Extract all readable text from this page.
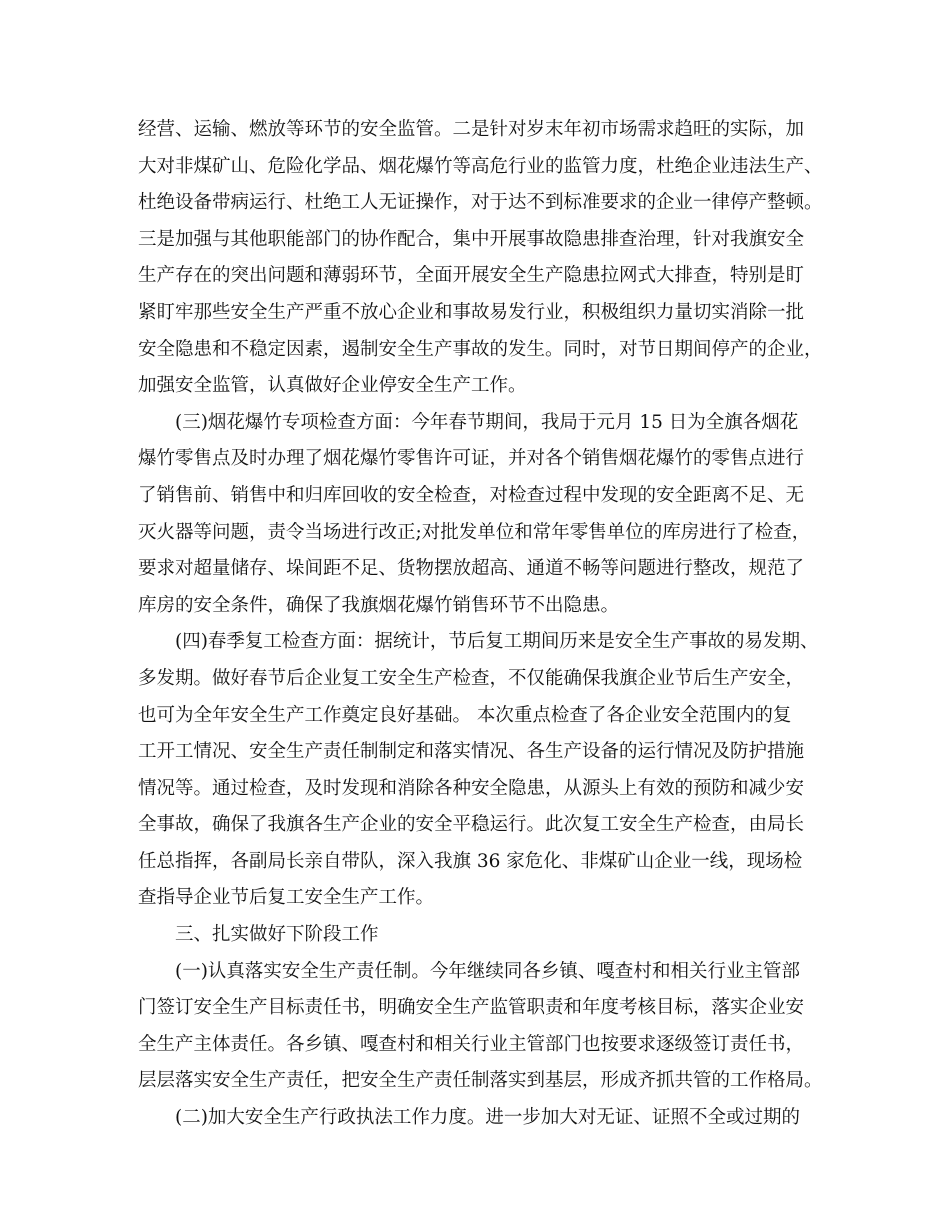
经营、运输、燃放等环节的安全监管。二是针对岁末年初市场需求趋旺的实际，加
大对非煤矿山、危险化学品、烟花爆竹等高危行业的监管力度，杜绝企业违法生产、
杜绝设备带病运行、杜绝工人无证操作，对于达不到标准要求的企业一律停产整顿。
三是加强与其他职能部门的协作配合，集中开展事故隐患排查治理，针对我旗安全
生产存在的突出问题和薄弱环节，全面开展安全生产隐患拉网式大排查，特别是盯
紧盯牢那些安全生产严重不放心企业和事故易发行业，积极组织力量切实消除一批
安全隐患和不稳定因素，遏制安全生产事故的发生。同时，对节日期间停产的企业，
加强安全监管，认真做好企业停安全生产工作。
　　(三)烟花爆竹专项检查方面：今年春节期间，我局于元月 15 日为全旗各烟花
爆竹零售点及时办理了烟花爆竹零售许可证，并对各个销售烟花爆竹的零售点进行
了销售前、销售中和归库回收的安全检查，对检查过程中发现的安全距离不足、无
灭火器等问题，责令当场进行改正;对批发单位和常年零售单位的库房进行了检查，
要求对超量储存、垛间距不足、货物摆放超高、通道不畅等问题进行整改，规范了
库房的安全条件，确保了我旗烟花爆竹销售环节不出隐患。
　　(四)春季复工检查方面：据统计，节后复工期间历来是安全生产事故的易发期、
多发期。做好春节后企业复工安全生产检查，不仅能确保我旗企业节后生产安全，
也可为全年安全生产工作奠定良好基础。 本次重点检查了各企业安全范围内的复
工开工情况、安全生产责任制制定和落实情况、各生产设备的运行情况及防护措施
情况等。通过检查，及时发现和消除各种安全隐患，从源头上有效的预防和减少安
全事故，确保了我旗各生产企业的安全平稳运行。此次复工安全生产检查，由局长
任总指挥，各副局长亲自带队，深入我旗 36 家危化、非煤矿山企业一线，现场检
查指导企业节后复工安全生产工作。
　　三、扎实做好下阶段工作
　　(一)认真落实安全生产责任制。今年继续同各乡镇、嘎查村和相关行业主管部
门签订安全生产目标责任书，明确安全生产监管职责和年度考核目标，落实企业安
全生产主体责任。各乡镇、嘎查村和相关行业主管部门也按要求逐级签订责任书，
层层落实安全生产责任，把安全生产责任制落实到基层，形成齐抓共管的工作格局。
　　(二)加大安全生产行政执法工作力度。进一步加大对无证、证照不全或过期的
